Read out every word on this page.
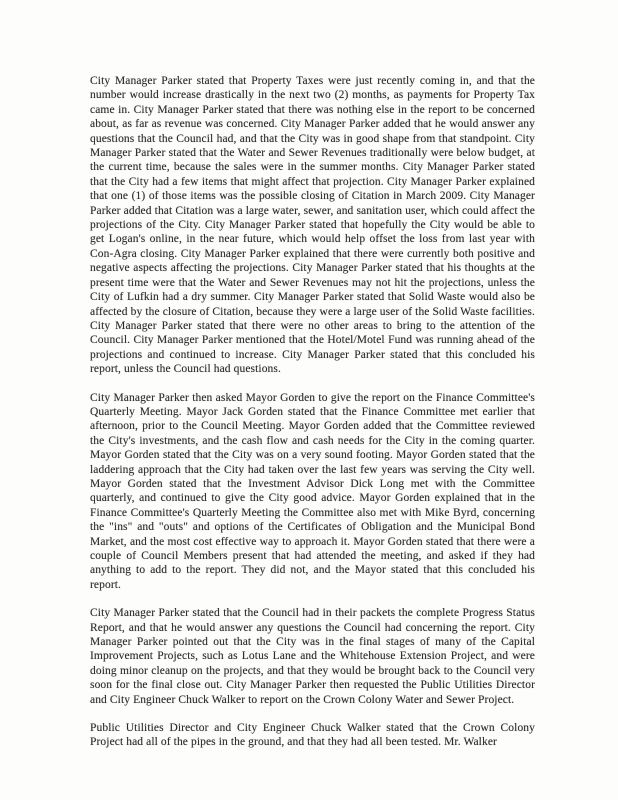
City Manager Parker stated that Property Taxes were just recently coming in, and that the number would increase drastically in the next two (2) months, as payments for Property Tax came in. City Manager Parker stated that there was nothing else in the report to be concerned about, as far as revenue was concerned. City Manager Parker added that he would answer any questions that the Council had, and that the City was in good shape from that standpoint. City Manager Parker stated that the Water and Sewer Revenues traditionally were below budget, at the current time, because the sales were in the summer months. City Manager Parker stated that the City had a few items that might affect that projection. City Manager Parker explained that one (1) of those items was the possible closing of Citation in March 2009. City Manager Parker added that Citation was a large water, sewer, and sanitation user, which could affect the projections of the City. City Manager Parker stated that hopefully the City would be able to get Logan's online, in the near future, which would help offset the loss from last year with Con-Agra closing. City Manager Parker explained that there were currently both positive and negative aspects affecting the projections. City Manager Parker stated that his thoughts at the present time were that the Water and Sewer Revenues may not hit the projections, unless the City of Lufkin had a dry summer. City Manager Parker stated that Solid Waste would also be affected by the closure of Citation, because they were a large user of the Solid Waste facilities. City Manager Parker stated that there were no other areas to bring to the attention of the Council. City Manager Parker mentioned that the Hotel/Motel Fund was running ahead of the projections and continued to increase. City Manager Parker stated that this concluded his report, unless the Council had questions.

City Manager Parker then asked Mayor Gorden to give the report on the Finance Committee's Quarterly Meeting. Mayor Jack Gorden stated that the Finance Committee met earlier that afternoon, prior to the Council Meeting. Mayor Gorden added that the Committee reviewed the City's investments, and the cash flow and cash needs for the City in the coming quarter. Mayor Gorden stated that the City was on a very sound footing. Mayor Gorden stated that the laddering approach that the City had taken over the last few years was serving the City well. Mayor Gorden stated that the Investment Advisor Dick Long met with the Committee quarterly, and continued to give the City good advice. Mayor Gorden explained that in the Finance Committee's Quarterly Meeting the Committee also met with Mike Byrd, concerning the "ins" and "outs" and options of the Certificates of Obligation and the Municipal Bond Market, and the most cost effective way to approach it. Mayor Gorden stated that there were a couple of Council Members present that had attended the meeting, and asked if they had anything to add to the report. They did not, and the Mayor stated that this concluded his report.

City Manager Parker stated that the Council had in their packets the complete Progress Status Report, and that he would answer any questions the Council had concerning the report. City Manager Parker pointed out that the City was in the final stages of many of the Capital Improvement Projects, such as Lotus Lane and the Whitehouse Extension Project, and were doing minor cleanup on the projects, and that they would be brought back to the Council very soon for the final close out. City Manager Parker then requested the Public Utilities Director and City Engineer Chuck Walker to report on the Crown Colony Water and Sewer Project.

Public Utilities Director and City Engineer Chuck Walker stated that the Crown Colony Project had all of the pipes in the ground, and that they had all been tested. Mr. Walker
